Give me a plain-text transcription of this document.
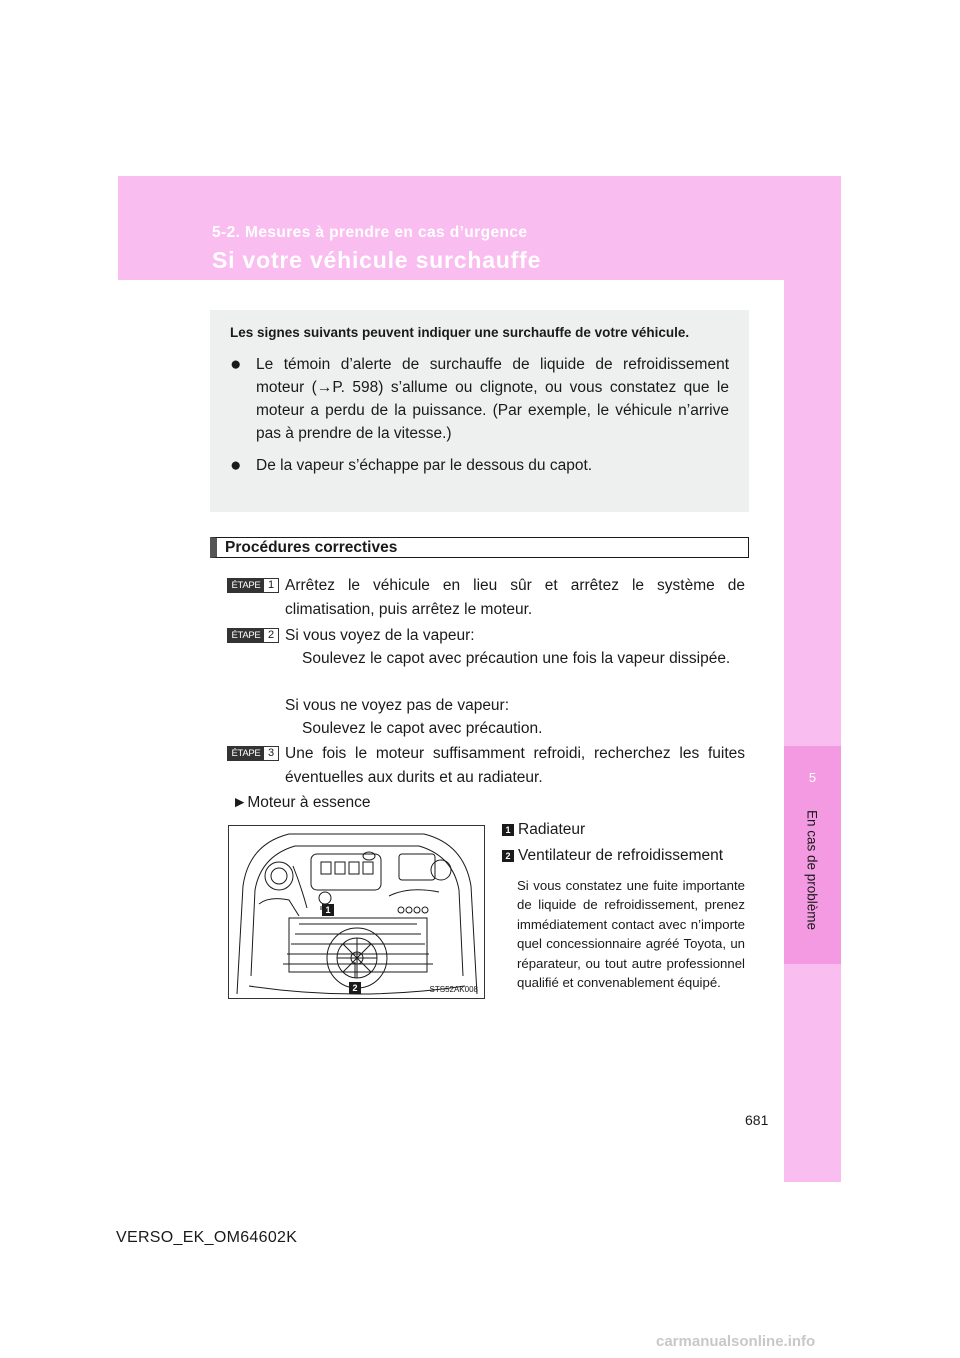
5-2. Mesures à prendre en cas d’urgence
Si votre véhicule surchauffe
5
En cas de problème
Les signes suivants peuvent indiquer une surchauffe de votre véhicule.
● Le témoin d’alerte de surchauffe de liquide de refroidissement moteur (→P. 598) s’allume ou clignote, ou vous constatez que le moteur a perdu de la puissance. (Par exemple, le véhicule n’arrive pas à prendre de la vitesse.)
● De la vapeur s’échappe par le dessous du capot.
Procédures correctives
ÉTAPE 1 Arrêtez le véhicule en lieu sûr et arrêtez le système de climatisation, puis arrêtez le moteur.
ÉTAPE 2 Si vous voyez de la vapeur:
Soulevez le capot avec précaution une fois la vapeur dissipée.
Si vous ne voyez pas de vapeur:
Soulevez le capot avec précaution.
ÉTAPE 3 Une fois le moteur suffisamment refroidi, recherchez les fuites éventuelles aux durits et au radiateur.
►Moteur à essence
1
2	STS52AK008
1 Radiateur
2 Ventilateur de refroidissement
Si vous constatez une fuite importante de liquide de refroidissement, prenez immédiatement contact avec n’importe quel concessionnaire agréé Toyota, un réparateur, ou tout autre professionnel qualifié et convenablement équipé.
681
VERSO_EK_OM64602K
carmanualsonline.info
